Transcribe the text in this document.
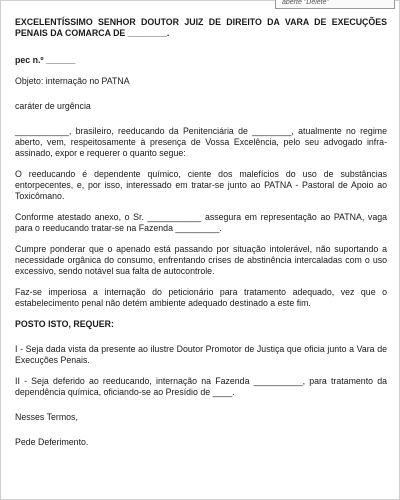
aberte "Delete"

EXCELENTÍSSIMO SENHOR DOUTOR JUIZ DE DIREITO DA VARA DE EXECUÇÕES PENAIS DA COMARCA DE ________.

pec n.º ______

Objeto: internação no PATNA

caráter de urgência

___________, brasileiro, reeducando da Penitenciária de ________, atualmente no regime aberto, vem, respeitosamente à presença de Vossa Excelência, pelo seu advogado infra-assinado, expor e requerer o quanto segue:

O reeducando é dependente químico, ciente dos malefícios do uso de substâncias entorpecentes, e, por isso, interessado em tratar-se junto ao PATNA - Pastoral de Apoio ao Toxicômano.

Conforme atestado anexo, o Sr. ___________ assegura em representação ao PATNA, vaga para o reeducando tratar-se na Fazenda _________.

Cumpre ponderar que o apenado está passando por situação intolerável, não suportando a necessidade orgânica do consumo, enfrentando crises de abstinência intercaladas com o uso excessivo, sendo notável sua falta de autocontrole.

Faz-se imperiosa a internação do peticionário para tratamento adequado, vez que o estabelecimento penal não detém ambiente adequado destinado a este fim.

POSTO ISTO, REQUER:

I - Seja dada vista da presente ao ilustre Doutor Promotor de Justiça que oficia junto a Vara de Execuções Penais.

II - Seja deferido ao reeducando, internação na Fazenda __________, para tratamento da dependência química, oficiando-se ao Presídio de ____.

Nesses Termos,

Pede Deferimento.
